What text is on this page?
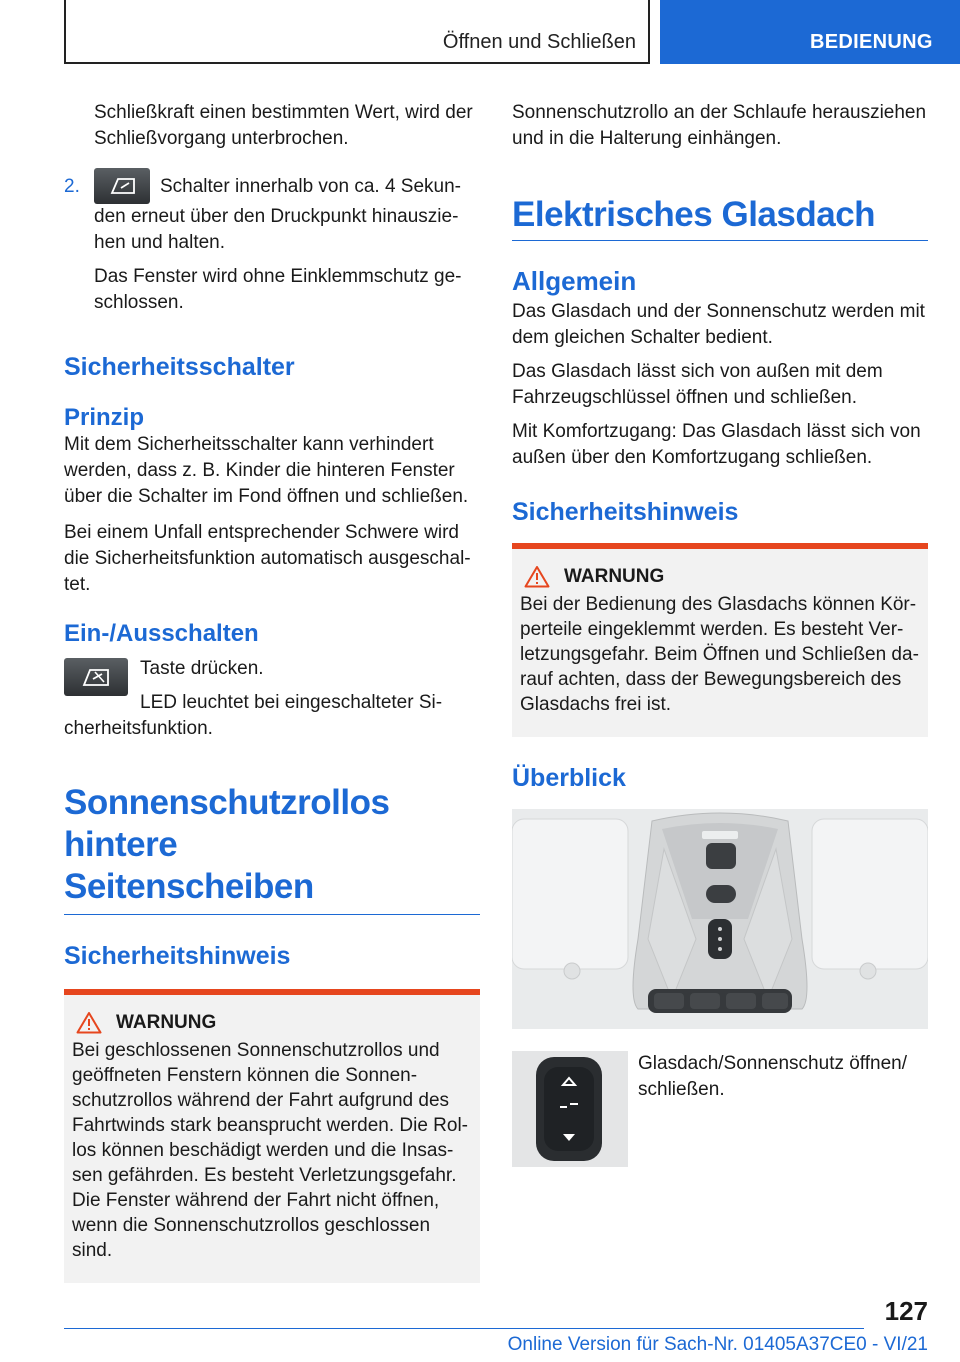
Öffnen und Schließen	BEDIENUNG

Schließkraft einen bestimmten Wert, wird der

Schließvorgang unterbrochen.

2.	Schalter innerhalb von ca. 4 Sekun-

den erneut über den Druckpunkt hinauszie-

hen und halten.

Das Fenster wird ohne Einklemmschutz ge-

schlossen.

Sicherheitsschalter
Prinzip

Mit dem Sicherheitsschalter kann verhindert

werden, dass z. B. Kinder die hinteren Fenster

über die Schalter im Fond öffnen und schließen.

Bei einem Unfall entsprechender Schwere wird

die Sicherheitsfunktion automatisch ausgeschal-

tet.

Ein-/Ausschalten

Taste drücken.

LED leuchtet bei eingeschalteter Si-

cherheitsfunktion.

Sonnenschutzrollos hintere
Seitenscheiben
Sicherheitshinweis
WARNUNG

Bei geschlossenen Sonnenschutzrollos und

geöffneten Fenstern können die Sonnen-

schutzrollos während der Fahrt aufgrund des

Fahrtwinds stark beansprucht werden. Die Rol-

los können beschädigt werden und die Insas-

sen gefährden. Es besteht Verletzungsgefahr.

Die Fenster während der Fahrt nicht öffnen,

wenn die Sonnenschutzrollos geschlossen

sind.

Sonnenschutzrollo an der Schlaufe herausziehen

und in die Halterung einhängen.

Elektrisches Glasdach
Allgemein

Das Glasdach und der Sonnenschutz werden mit

dem gleichen Schalter bedient.

Das Glasdach lässt sich von außen mit dem

Fahrzeugschlüssel öffnen und schließen.

Mit Komfortzugang: Das Glasdach lässt sich von

außen über den Komfortzugang schließen.

Sicherheitshinweis
WARNUNG

Bei der Bedienung des Glasdachs können Kör-

perteile eingeklemmt werden. Es besteht Ver-

letzungsgefahr. Beim Öffnen und Schließen da-

rauf achten, dass der Bewegungsbereich des

Glasdachs frei ist.

Überblick

Glasdach/Sonnenschutz öffnen/

schließen.

127
Online Version für Sach-Nr. 01405A37CE0 - VI/21
